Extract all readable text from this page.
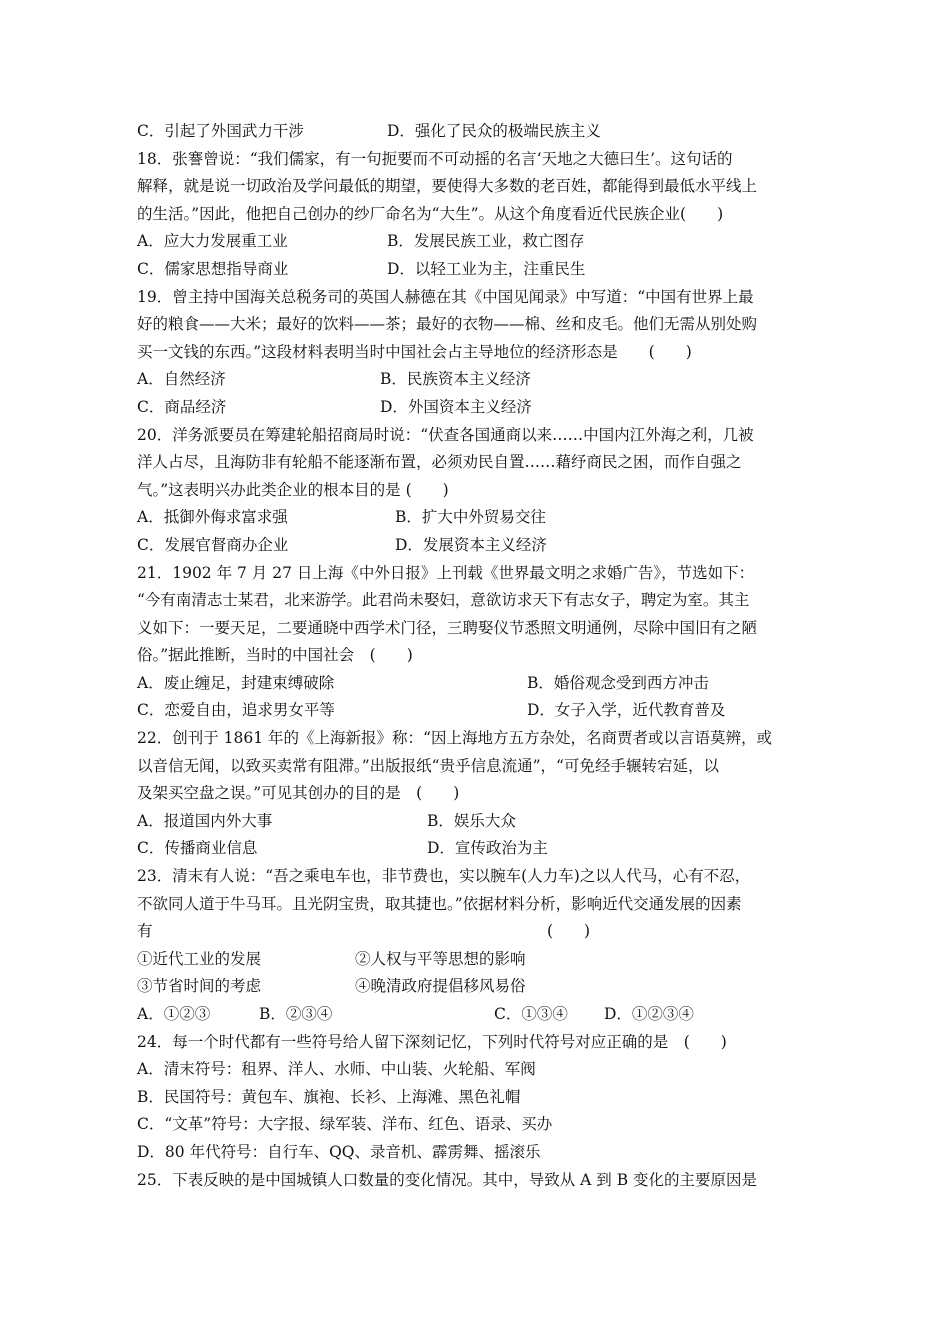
C．引起了外国武力干涉	D．强化了民众的极端民族主义
18．张謇曾说：“我们儒家，有一句扼要而不可动摇的名言‘天地之大德曰生’。这句话的
解释，就是说一切政治及学问最低的期望，要使得大多数的老百姓，都能得到最低水平线上
的生活。”因此，他把自己创办的纱厂命名为“大生”。从这个角度看近代民族企业(　　)
A．应大力发展重工业	B．发展民族工业，救亡图存
C．儒家思想指导商业	D．以轻工业为主，注重民生
19．曾主持中国海关总税务司的英国人赫德在其《中国见闻录》中写道：“中国有世界上最
好的粮食——大米；最好的饮料——茶；最好的衣物——棉、丝和皮毛。他们无需从别处购
买一文钱的东西。”这段材料表明当时中国社会占主导地位的经济形态是　　(　　)
A．自然经济	B．民族资本主义经济
C．商品经济	D．外国资本主义经济
20．洋务派要员在筹建轮船招商局时说：“伏查各国通商以来……中国内江外海之利，几被
洋人占尽，且海防非有轮船不能逐渐布置，必须劝民自置……藉纾商民之困，而作自强之
气。”这表明兴办此类企业的根本目的是 (　　)
A．抵御外侮求富求强	B．扩大中外贸易交往
C．发展官督商办企业	D．发展资本主义经济
21．1902 年 7 月 27 日上海《中外日报》上刊载《世界最文明之求婚广告》，节选如下：
“今有南清志士某君，北来游学。此君尚未娶妇，意欲访求天下有志女子，聘定为室。其主
义如下：一要天足，二要通晓中西学术门径，三聘娶仪节悉照文明通例，尽除中国旧有之陋
俗。”据此推断，当时的中国社会　(　　)
A．废止缠足，封建束缚破除	B．婚俗观念受到西方冲击
C．恋爱自由，追求男女平等	D．女子入学，近代教育普及
22．创刊于 1861 年的《上海新报》称：“因上海地方五方杂处，名商贾者或以言语莫辨，或
以音信无闻，以致买卖常有阻滞。”出版报纸“贵乎信息流通”，“可免经手辗转宕延，以
及架买空盘之误。”可见其创办的目的是　(　　)
A．报道国内外大事	B．娱乐大众
C．传播商业信息	D．宣传政治为主
23．清末有人说：“吾之乘电车也，非节费也，实以腕车(人力车)之以人代马，心有不忍，
不欲同人道于牛马耳。且光阴宝贵，取其捷也。”依据材料分析，影响近代交通发展的因素
有	(　　)
①近代工业的发展	②人权与平等思想的影响
③节省时间的考虑	④晚清政府提倡移风易俗
A．①②③	B．②③④	C．①③④ D．①②③④
24．每一个时代都有一些符号给人留下深刻记忆，下列时代符号对应正确的是　(　　)
A．清末符号：租界、洋人、水师、中山装、火轮船、军阀
B．民国符号：黄包车、旗袍、长衫、上海滩、黑色礼帽
C．“文革”符号：大字报、绿军装、洋布、红色、语录、买办
D．80 年代符号：自行车、QQ、录音机、霹雳舞、摇滚乐
25．下表反映的是中国城镇人口数量的变化情况。其中，导致从 A 到 B 变化的主要原因是
